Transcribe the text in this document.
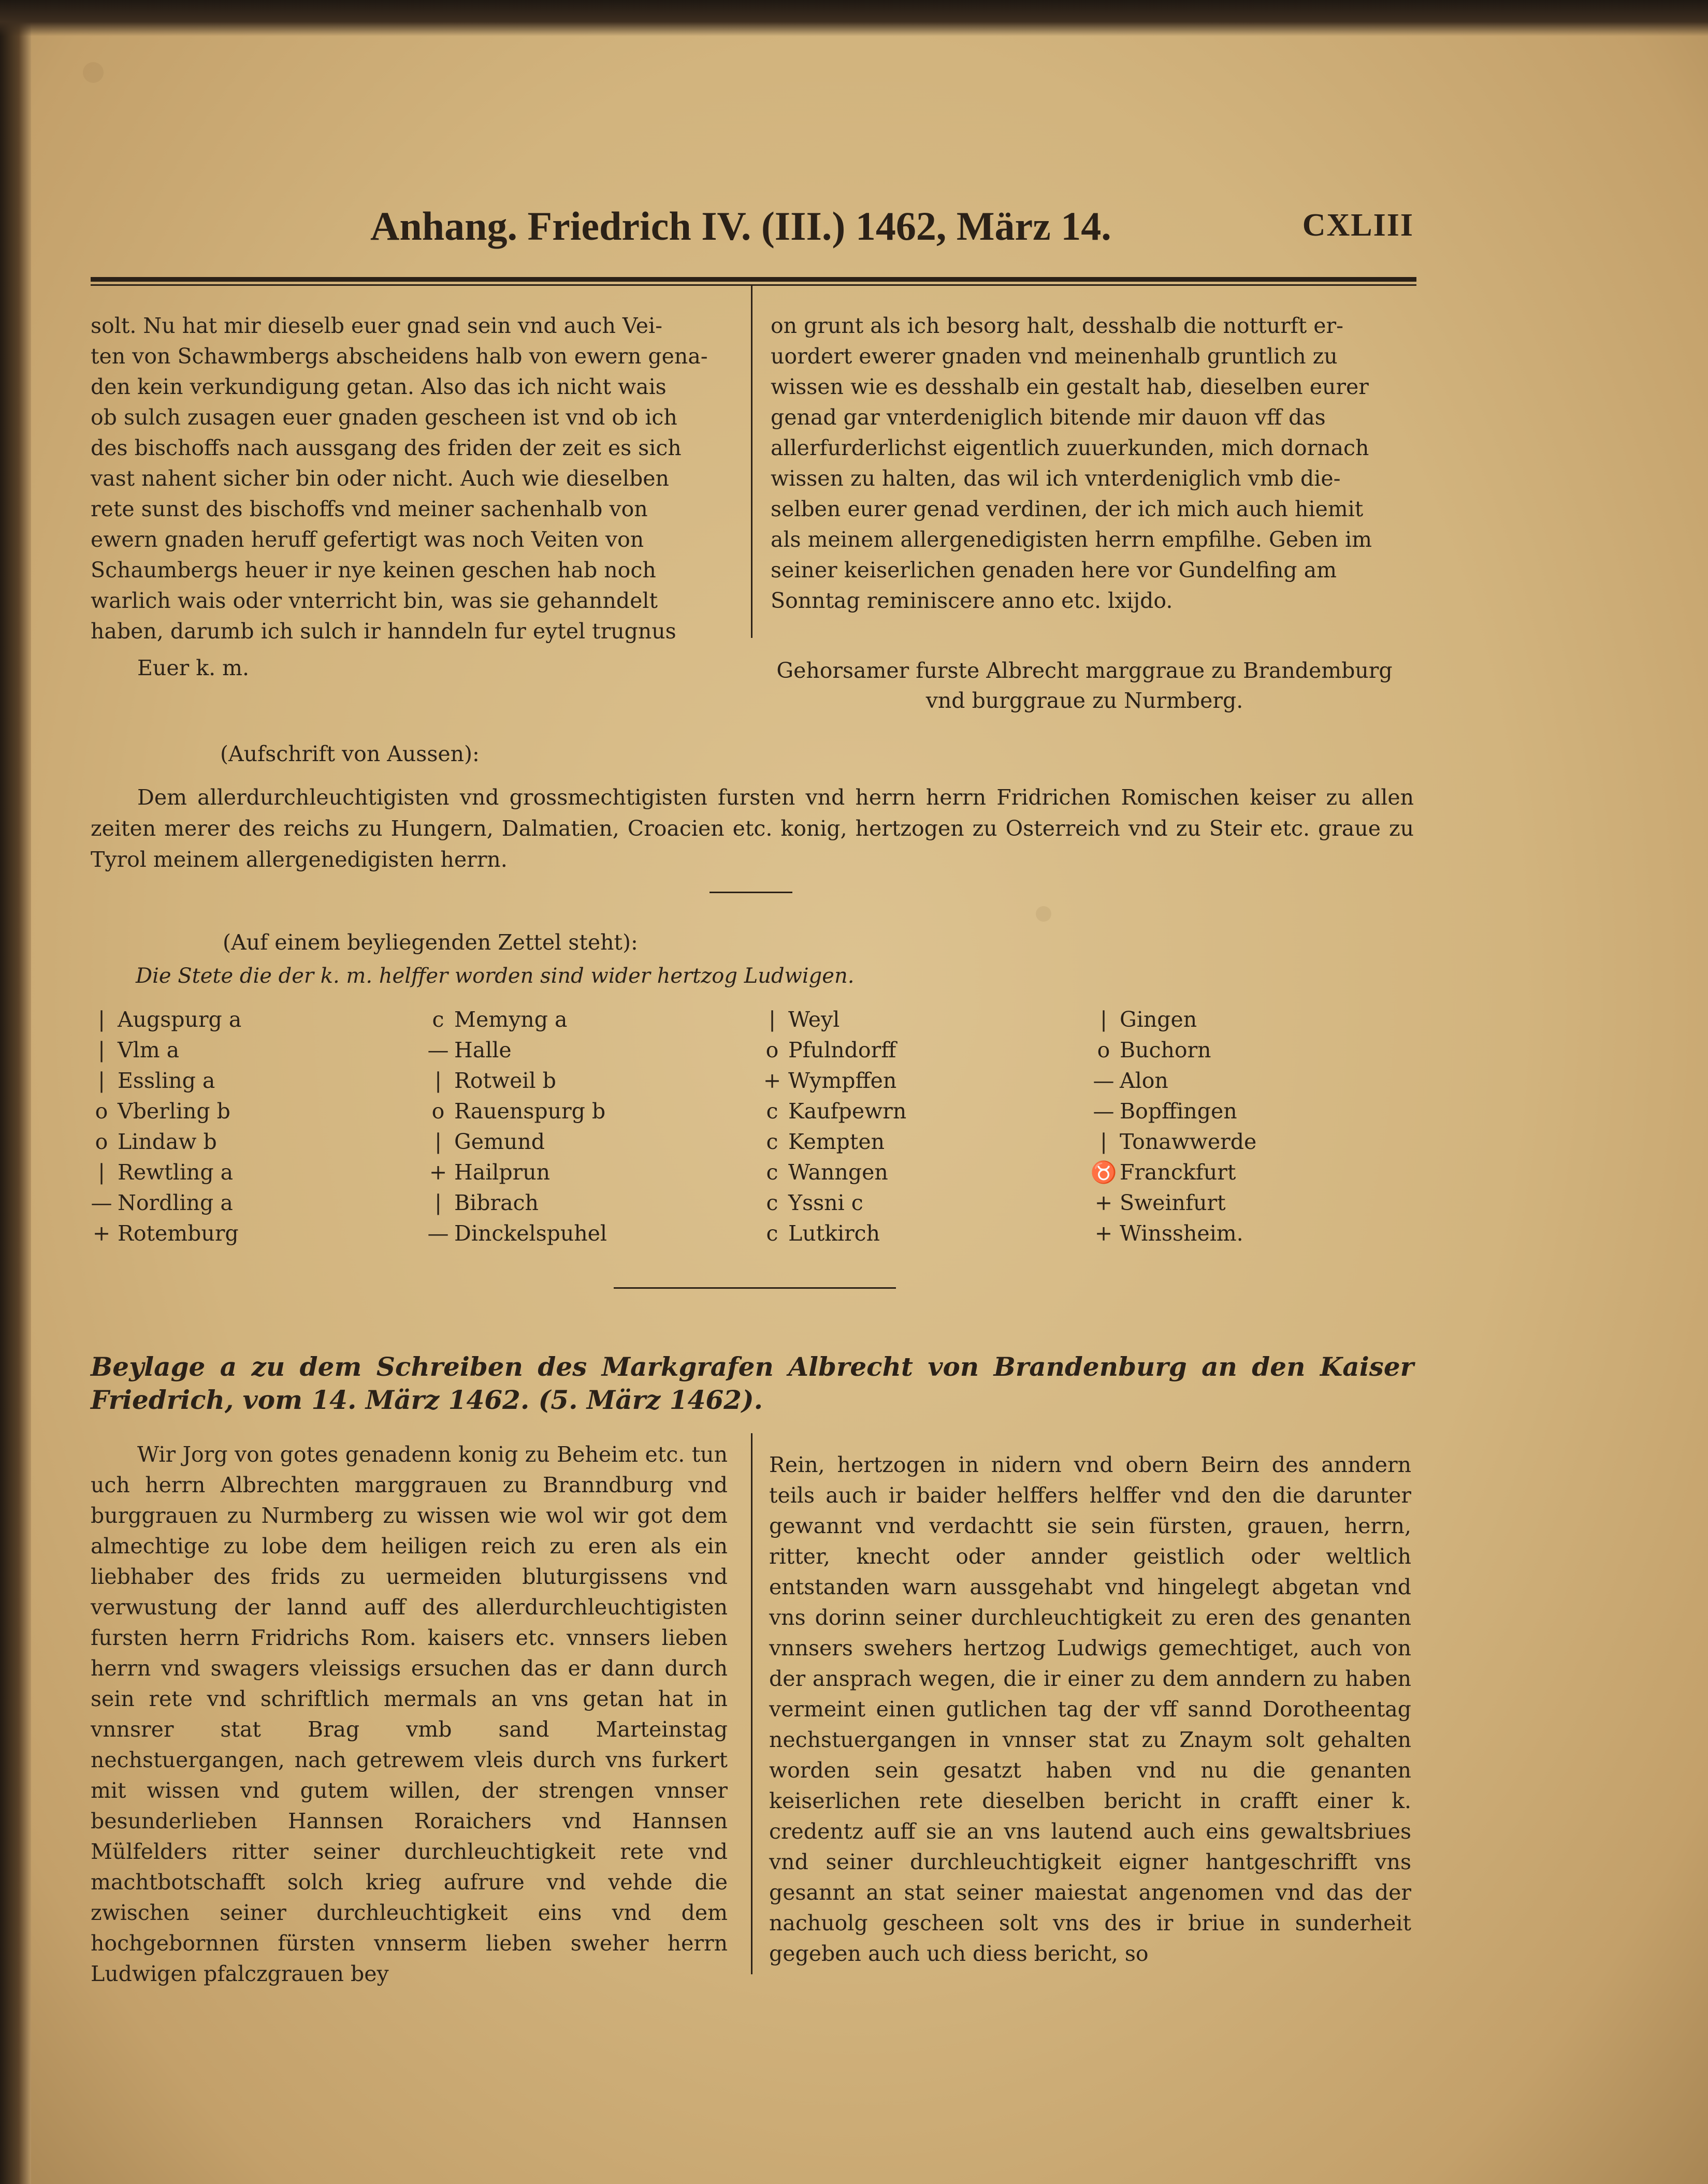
Anhang. Friedrich IV. (III.) 1462, März 14.	CXLIII

solt. Nu hat mir dieselb euer gnad sein vnd auch Vei-

ten von Schawmbergs abscheidens halb von ewern gena-

den kein verkundigung getan. Also das ich nicht wais

ob sulch zusagen euer gnaden gescheen ist vnd ob ich

des bischoffs nach aussgang des friden der zeit es sich

vast nahent sicher bin oder nicht. Auch wie dieselben

rete sunst des bischoffs vnd meiner sachenhalb von

ewern gnaden heruff gefertigt was noch Veiten von

Schaumbergs heuer ir nye keinen geschen hab noch

warlich wais oder vnterricht bin, was sie gehanndelt

haben, darumb ich sulch ir hanndeln fur eytel trugnus

on grunt als ich besorg halt, desshalb die notturft er-

uordert ewerer gnaden vnd meinenhalb gruntlich zu

wissen wie es desshalb ein gestalt hab, dieselben eurer

genad gar vnterdeniglich bitende mir dauon vff das

allerfurderlichst eigentlich zuuerkunden, mich dornach

wissen zu halten, das wil ich vnterdeniglich vmb die-

selben eurer genad verdinen, der ich mich auch hiemit

als meinem allergenedigisten herrn empfilhe. Geben im

seiner keiserlichen genaden here vor Gundelfing am

Sonntag reminiscere anno etc. lxijdo.

Euer k. m.	Gehorsamer furste Albrecht marggraue zu Brandemburg
vnd burggraue zu Nurmberg.
(Aufschrift von Aussen):
Dem allerdurchleuchtigisten vnd grossmechtigisten fursten vnd herrn herrn Fridrichen Romischen keiser zu allen zeiten merer des reichs zu Hungern, Dalmatien, Croacien etc. konig, hertzogen zu Osterreich vnd zu Steir etc. graue zu Tyrol meinem allergenedigisten herrn.
(Auf einem beyliegenden Zettel steht):
Die Stete die der k. m. helffer worden sind wider hertzog Ludwigen.
| Augspurg a
| Vlm a
| Essling a
o Vberling b
o Lindaw b
| Rewtling a
— Nordling a
+ Rotemburg
c Memyng a
— Halle
| Rotweil b
o Rauenspurg b
| Gemund
+ Hailprun
| Bibrach
— Dinckelspuhel
| Weyl
o Pfulndorff
+ Wympffen
c Kaufpewrn
c Kempten
c Wanngen
c Yssni c
c Lutkirch
| Gingen
o Buchorn
— Alon
— Bopffingen
| Tonawwerde
♉ Franckfurt
+ Sweinfurt
+ Winssheim.
Beylage a zu dem Schreiben des Markgrafen Albrecht von Brandenburg an den Kaiser Friedrich, vom 14. März 1462. (5. März 1462).

Wir Jorg von gotes genadenn konig zu Beheim etc. tun uch herrn Albrechten marggrauen zu Branndburg vnd burggrauen zu Nurmberg zu wissen wie wol wir got dem almechtige zu lobe dem heiligen reich zu eren als ein liebhaber des frids zu uermeiden bluturgissens vnd verwustung der lannd auff des allerdurchleuchtigisten fursten herrn Fridrichs Rom. kaisers etc. vnnsers lieben herrn vnd swagers vleissigs ersuchen das er dann durch sein rete vnd schriftlich mermals an vns getan hat in vnnsrer stat Brag vmb sand Marteinstag nechstuergangen, nach getrewem vleis durch vns furkert mit wissen vnd gutem willen, der strengen vnnser besunderlieben Hannsen Roraichers vnd Hannsen Mülfelders ritter seiner durchleuchtigkeit rete vnd machtbotschafft solch krieg aufrure vnd vehde die zwischen seiner durchleuchtigkeit eins vnd dem hochgebornnen fürsten vnnserm lieben sweher herrn Ludwigen pfalczgrauen bey

Rein, hertzogen in nidern vnd obern Beirn des anndern teils auch ir baider helffers helffer vnd den die darunter gewannt vnd verdachtt sie sein fürsten, grauen, herrn, ritter, knecht oder annder geistlich oder weltlich entstanden warn aussgehabt vnd hingelegt abgetan vnd vns dorinn seiner durchleuchtigkeit zu eren des genanten vnnsers swehers hertzog Ludwigs gemechtiget, auch von der ansprach wegen, die ir einer zu dem anndern zu haben vermeint einen gutlichen tag der vff sannd Dorotheentag nechstuergangen in vnnser stat zu Znaym solt gehalten worden sein gesatzt haben vnd nu die genanten keiserlichen rete dieselben bericht in crafft einer k. credentz auff sie an vns lautend auch eins gewaltsbriues vnd seiner durchleuchtigkeit eigner hantgeschrifft vns gesannt an stat seiner maiestat angenomen vnd das der nachuolg gescheen solt vns des ir briue in sunderheit gegeben auch uch diess bericht, so
